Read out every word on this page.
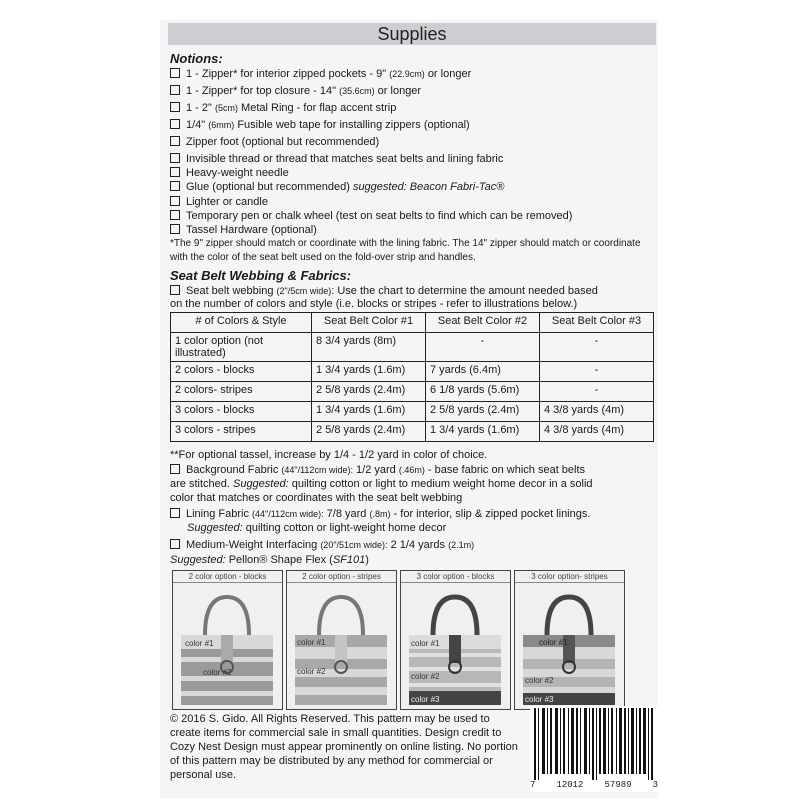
Supplies
Notions:
1 - Zipper* for interior zipped pockets - 9" (22.9cm) or longer
1 - Zipper* for top closure - 14" (35.6cm) or longer
1 - 2" (5cm) Metal Ring - for flap accent strip
1/4" (6mm) Fusible web tape for installing zippers (optional)
Zipper foot (optional but recommended)
Invisible thread or thread that matches seat belts and lining fabric
Heavy-weight needle
Glue (optional but recommended) suggested: Beacon Fabri-Tac®
Lighter or candle
Temporary pen or chalk wheel (test on seat belts to find which can be removed)
Tassel Hardware (optional)
*The 9" zipper should match or coordinate with the lining fabric. The 14" zipper should match or coordinate with the color of the seat belt used on the fold-over strip and handles.
Seat Belt Webbing & Fabrics:
Seat belt webbing (2"/5cm wide): Use the chart to determine the amount needed based
on the number of colors and style (i.e. blocks or stripes - refer to illustrations below.)
# of Colors & Style	Seat Belt Color #1	Seat Belt Color #2	Seat Belt Color #3
1 color option (not illustrated)	8 3/4 yards (8m)	-	-
2 colors - blocks	1 3/4 yards (1.6m)	7 yards (6.4m)	-
2 colors- stripes	2 5/8 yards (2.4m)	6 1/8 yards (5.6m)	-
3 colors - blocks	1 3/4 yards (1.6m)	2 5/8 yards (2.4m)	4 3/8 yards (4m)
3 colors - stripes	2 5/8 yards (2.4m)	1 3/4 yards (1.6m)	4 3/8 yards (4m)
**For optional tassel, increase by 1/4 - 1/2 yard in color of choice.
Background Fabric (44"/112cm wide): 1/2 yard (.46m) - base fabric on which seat belts
are stitched. Suggested: quilting cotton or light to medium weight home decor in a solid
color that matches or coordinates with the seat belt webbing
Lining Fabric (44"/112cm wide): 7/8 yard (.8m) - for interior, slip & zipped pocket linings.
Suggested: quilting cotton or light-weight home decor
Medium-Weight Interfacing (20"/51cm wide): 2 1/4 yards (2.1m)
Suggested: Pellon® Shape Flex (SF101)
2 color option - blocks
color #1
color #2
2 color option - stripes
color #1
color #2
3 color option - blocks
color #1
color #2
color #3
3 color option- stripes
color #1
color #2
color #3
© 2016 S. Gido. All Rights Reserved. This pattern may be used to create items for commercial sale in small quantities. Design credit to Cozy Nest Design must appear prominently on online listing. No portion of this pattern may be distributed by any method for commercial or personal use.
7 12012 57989 3
